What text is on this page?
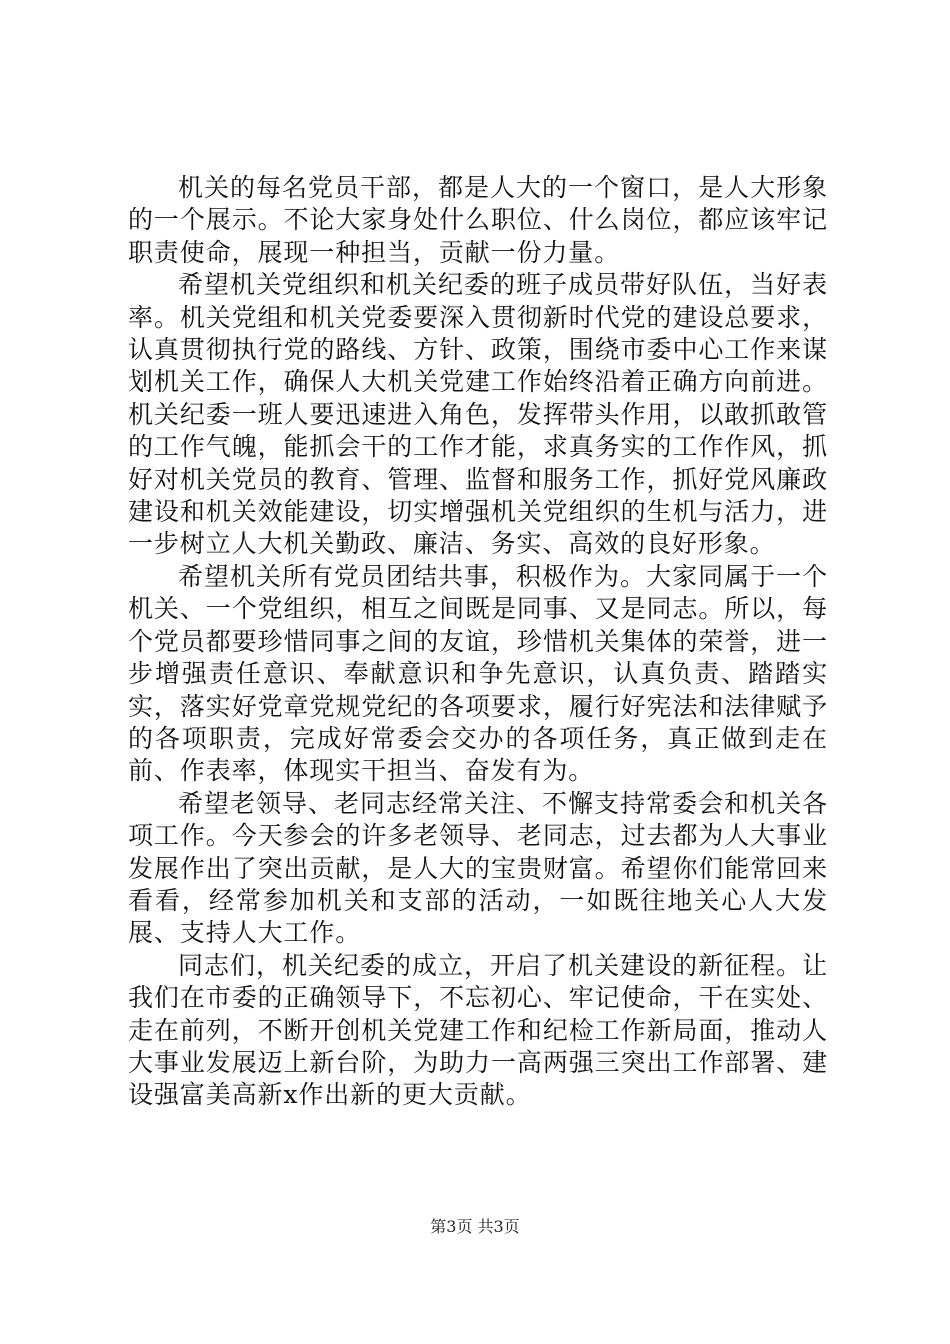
机关的每名党员干部，都是人大的一个窗口，是人大形象的一个展示。不论大家身处什么职位、什么岗位，都应该牢记职责使命，展现一种担当，贡献一份力量。

希望机关党组织和机关纪委的班子成员带好队伍，当好表率。机关党组和机关党委要深入贯彻新时代党的建设总要求，认真贯彻执行党的路线、方针、政策，围绕市委中心工作来谋划机关工作，确保人大机关党建工作始终沿着正确方向前进。机关纪委一班人要迅速进入角色，发挥带头作用，以敢抓敢管的工作气魄，能抓会干的工作才能，求真务实的工作作风，抓好对机关党员的教育、管理、监督和服务工作，抓好党风廉政建设和机关效能建设，切实增强机关党组织的生机与活力，进一步树立人大机关勤政、廉洁、务实、高效的良好形象。

希望机关所有党员团结共事，积极作为。大家同属于一个机关、一个党组织，相互之间既是同事、又是同志。所以，每个党员都要珍惜同事之间的友谊，珍惜机关集体的荣誉，进一步增强责任意识、奉献意识和争先意识，认真负责、踏踏实实，落实好党章党规党纪的各项要求，履行好宪法和法律赋予的各项职责，完成好常委会交办的各项任务，真正做到走在前、作表率，体现实干担当、奋发有为。

希望老领导、老同志经常关注、不懈支持常委会和机关各项工作。今天参会的许多老领导、老同志，过去都为人大事业发展作出了突出贡献，是人大的宝贵财富。希望你们能常回来看看，经常参加机关和支部的活动，一如既往地关心人大发展、支持人大工作。

同志们，机关纪委的成立，开启了机关建设的新征程。让我们在市委的正确领导下，不忘初心、牢记使命，干在实处、走在前列，不断开创机关党建工作和纪检工作新局面，推动人大事业发展迈上新台阶，为助力一高两强三突出工作部署、建设强富美高新x作出新的更大贡献。

第3页 共3页
